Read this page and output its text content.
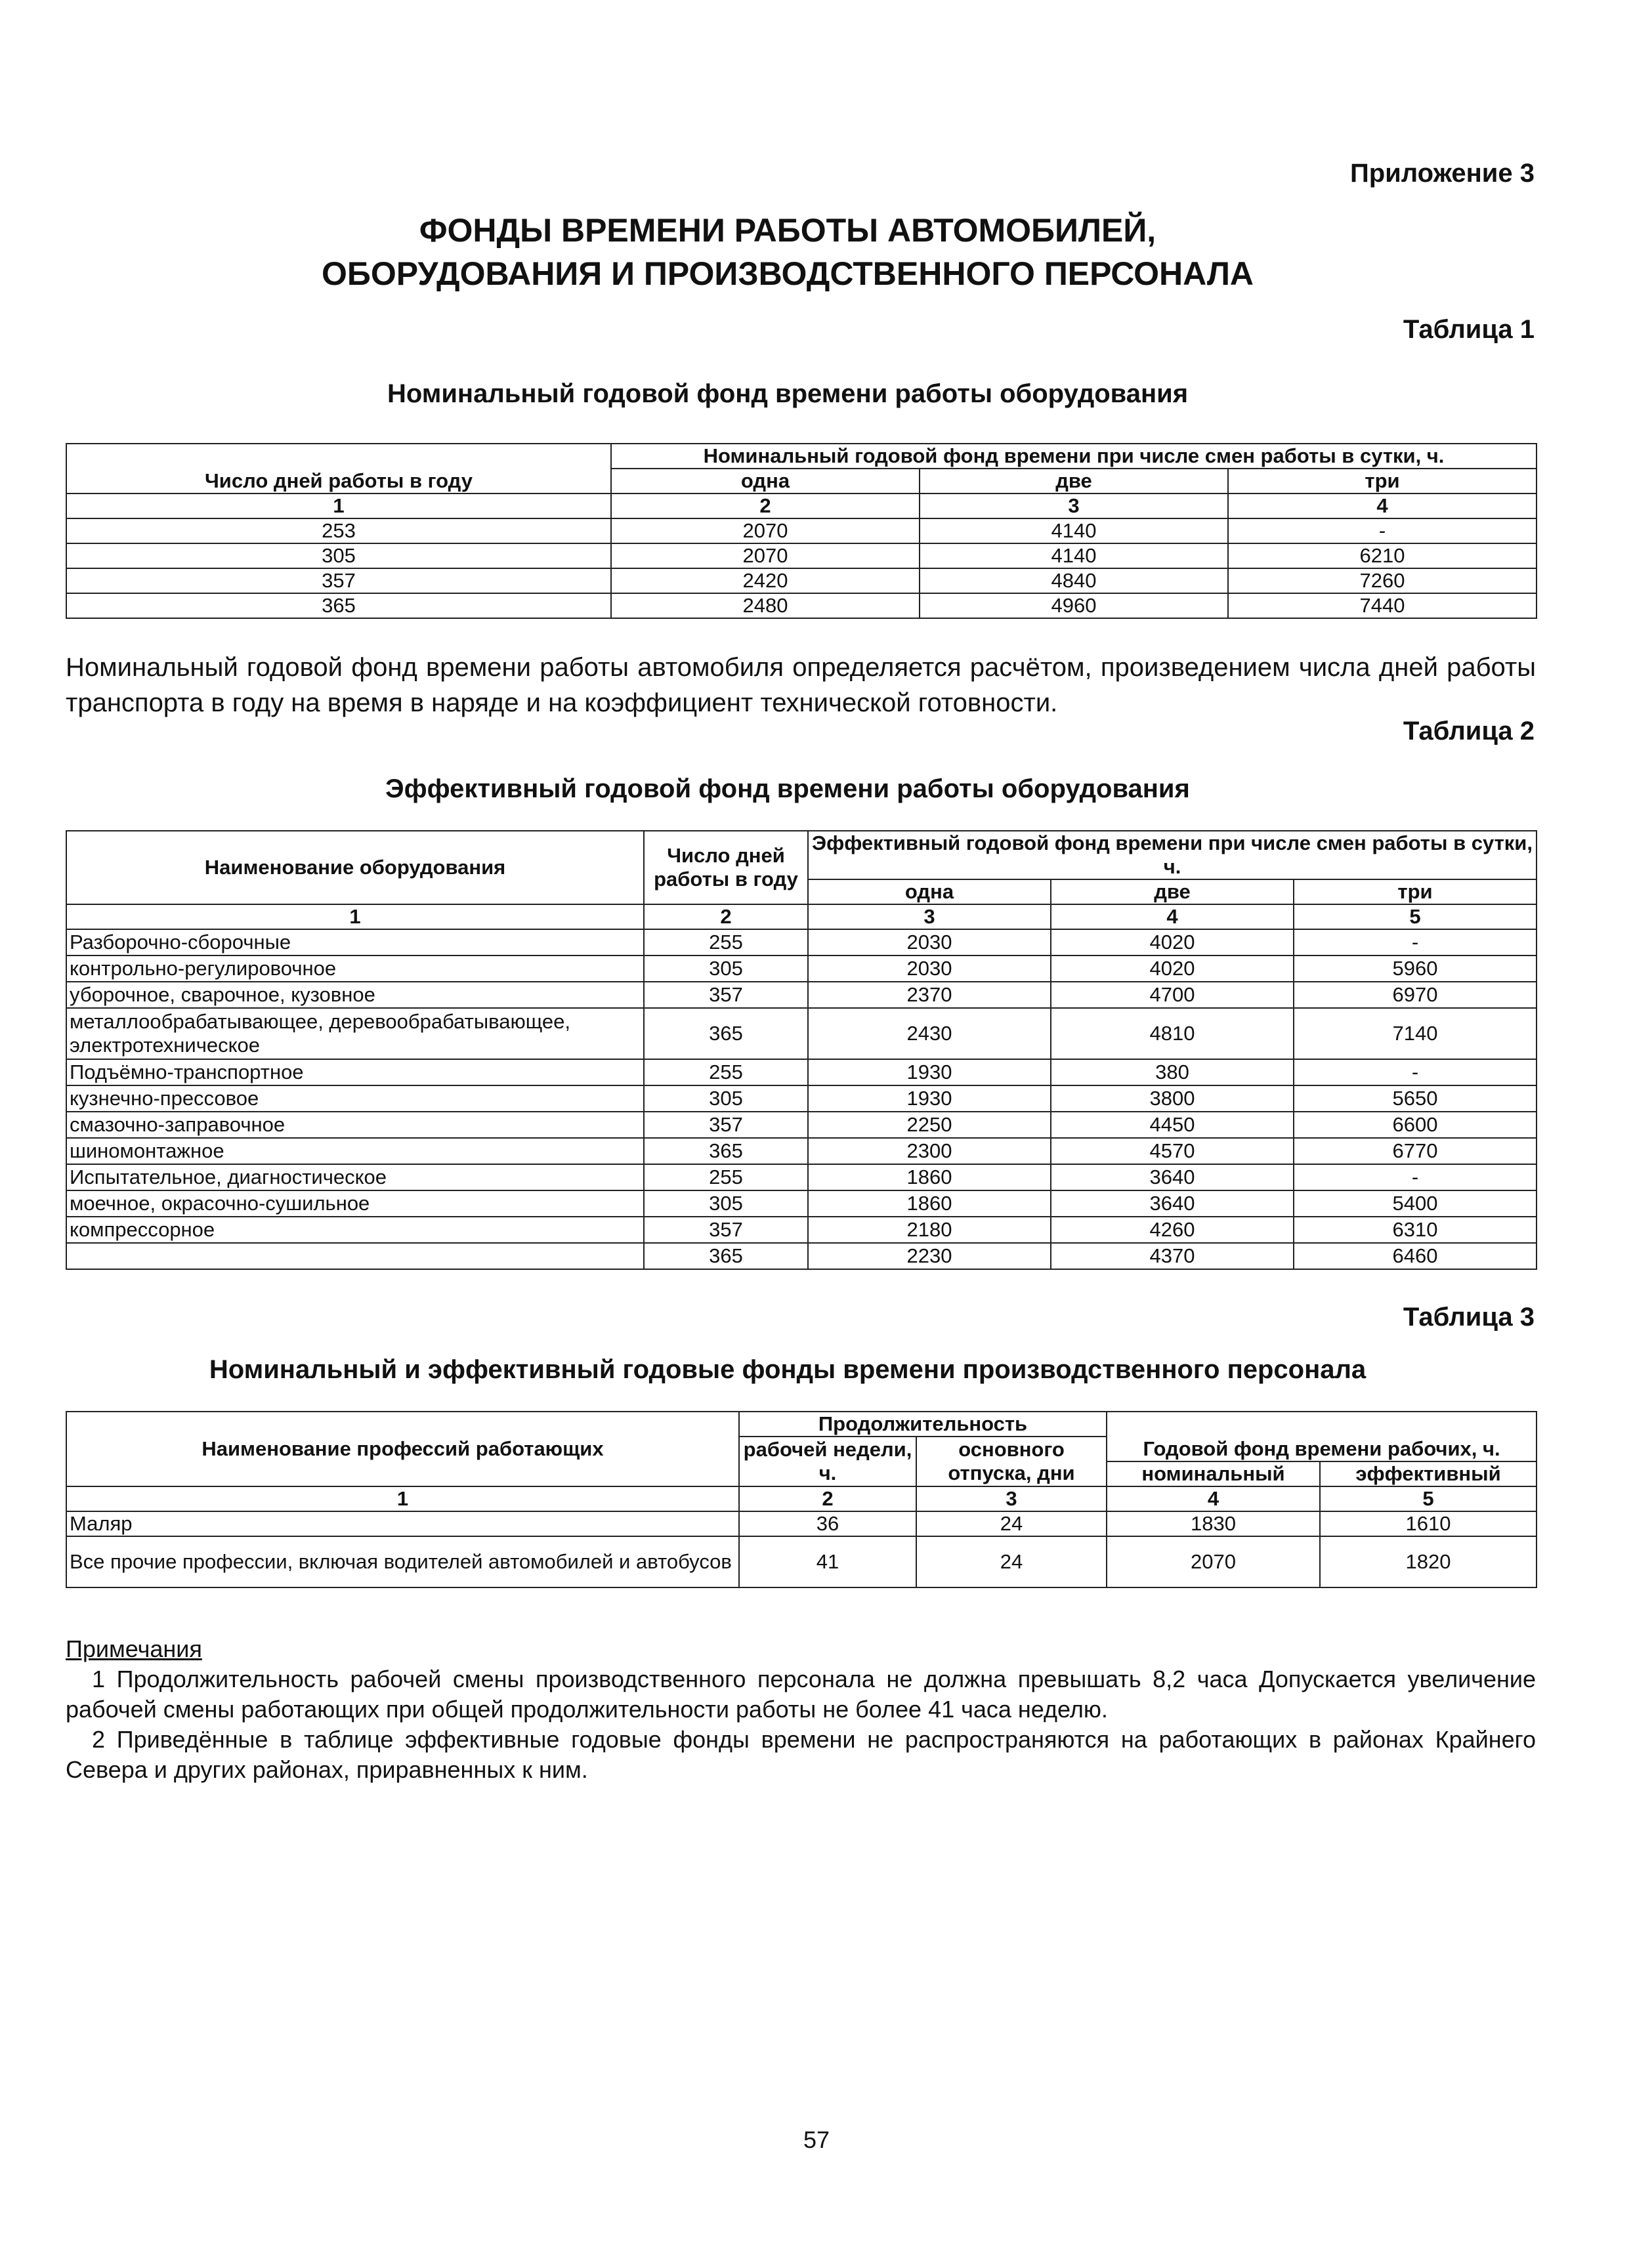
Приложение 3
ФОНДЫ ВРЕМЕНИ РАБОТЫ АВТОМОБИЛЕЙ,
ОБОРУДОВАНИЯ И ПРОИЗВОДСТВЕННОГО ПЕРСОНАЛА
Таблица 1
Номинальный годовой фонд времени работы оборудования
Число дней работы в году	Номинальный годовой фонд времени при числе смен работы в сутки, ч.		
	одна	две	три
1	2	3	4
253	2070	4140	-
305	2070	4140	6210
357	2420	4840	7260
365	2480	4960	7440
Номинальный годовой фонд времени работы автомобиля определяется расчётом, произведением числа дней работы транспорта в году на время в наряде и на коэффициент технической готовности.
Таблица 2
Эффективный годовой фонд времени работы оборудования
Наименование оборудования	Число дней работы в году	Эффективный годовой фонд времени при числе смен работы в сутки, ч.		
		одна	две	три
1	2	3	4	5
Разборочно-сборочные	255	2030	4020	-
контрольно-регулировочное	305	2030	4020	5960
уборочное, сварочное, кузовное	357	2370	4700	6970
металлообрабатывающее, деревообрабатывающее, электротехническое	365	2430	4810	7140
Подъёмно-транспортное	255	1930	380	-
кузнечно-прессовое	305	1930	3800	5650
смазочно-заправочное	357	2250	4450	6600
шиномонтажное	365	2300	4570	6770
Испытательное, диагностическое	255	1860	3640	-
моечное, окрасочно-сушильное	305	1860	3640	5400
компрессорное	357	2180	4260	6310
	365	2230	4370	6460
Таблица 3
Номинальный и эффективный годовые фонды времени производственного персонала
Наименование профессий работающих	Продолжительность		Годовой фонд времени рабочих, ч.	
	рабочей недели, ч.	основного отпуска, дни		
			номинальный	эффективный
1	2	3	4	5
Маляр	36	24	1830	1610
Все прочие профессии, включая водителей автомобилей и автобусов	41	24	2070	1820
Примечания
1 Продолжительность рабочей смены производственного персонала не должна превышать 8,2 часа Допускается увеличение рабочей смены работающих при общей продолжительности работы не более 41 часа неделю.
2 Приведённые в таблице эффективные годовые фонды времени не распространяются на работающих в районах Крайнего Севера и других районах, приравненных к ним.
57
